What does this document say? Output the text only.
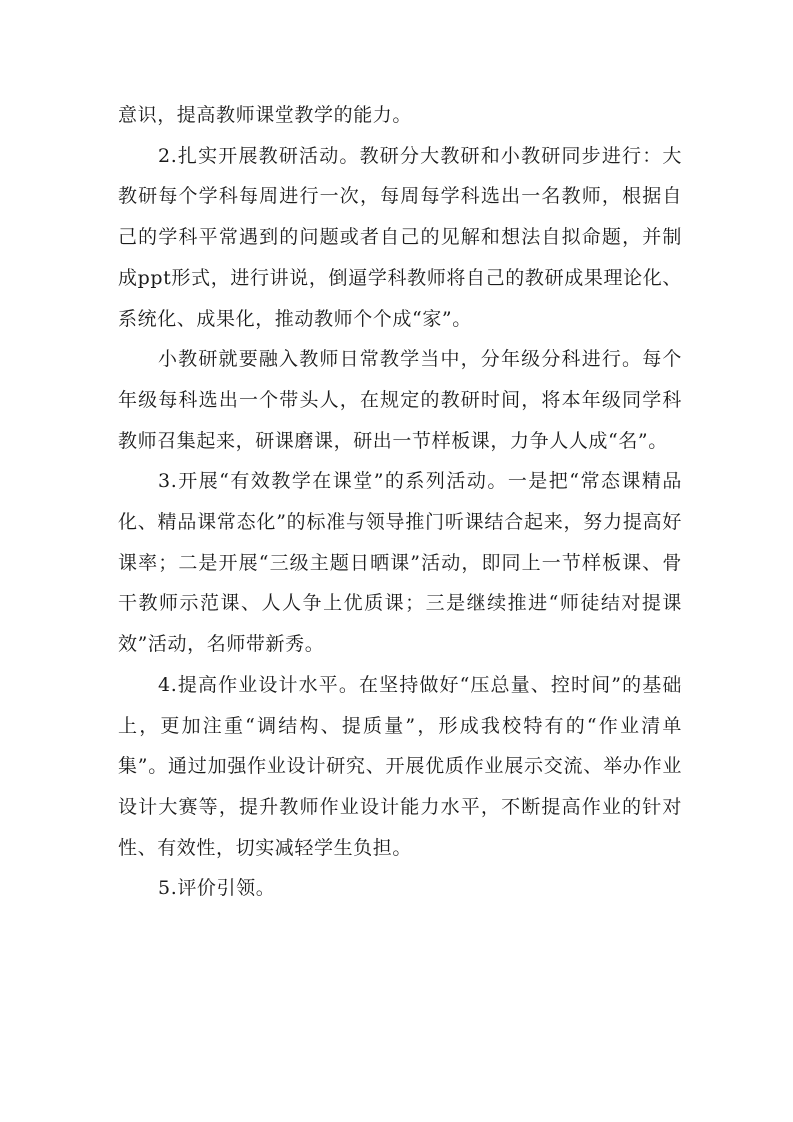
意识，提高教师课堂教学的能力。

2.扎实开展教研活动。教研分大教研和小教研同步进行：大教研每个学科每周进行一次，每周每学科选出一名教师，根据自己的学科平常遇到的问题或者自己的见解和想法自拟命题，并制成ppt形式，进行讲说，倒逼学科教师将自己的教研成果理论化、系统化、成果化，推动教师个个成“家”。

小教研就要融入教师日常教学当中，分年级分科进行。每个年级每科选出一个带头人，在规定的教研时间，将本年级同学科教师召集起来，研课磨课，研出一节样板课，力争人人成“名”。

3.开展“有效教学在课堂”的系列活动。一是把“常态课精品化、精品课常态化”的标准与领导推门听课结合起来，努力提高好课率；二是开展“三级主题日晒课”活动，即同上一节样板课、骨干教师示范课、人人争上优质课；三是继续推进“师徒结对提课效”活动，名师带新秀。

4.提高作业设计水平。在坚持做好“压总量、控时间”的基础上，更加注重“调结构、提质量”，形成我校特有的“作业清单集”。通过加强作业设计研究、开展优质作业展示交流、举办作业设计大赛等，提升教师作业设计能力水平，不断提高作业的针对性、有效性，切实减轻学生负担。

5.评价引领。
